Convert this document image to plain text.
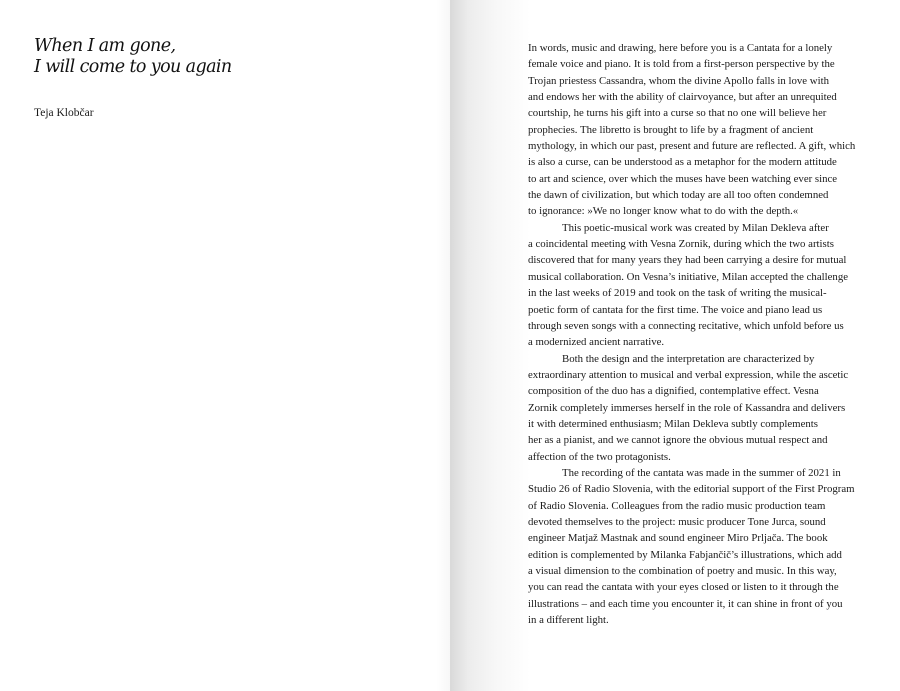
When I am gone,
I will come to you again

Teja Klobčar

In words, music and drawing, here before you is a Cantata for a lonely
female voice and piano. It is told from a first-person perspective by the
Trojan priestess Cassandra, whom the divine Apollo falls in love with
and endows her with the ability of clairvoyance, but after an unrequited
courtship, he turns his gift into a curse so that no one will believe her
prophecies. The libretto is brought to life by a fragment of ancient
mythology, in which our past, present and future are reflected. A gift, which
is also a curse, can be understood as a metaphor for the modern attitude
to art and science, over which the muses have been watching ever since
the dawn of civilization, but which today are all too often condemned
to ignorance: »We no longer know what to do with the depth.«
This poetic-musical work was created by Milan Dekleva after
a coincidental meeting with Vesna Zornik, during which the two artists
discovered that for many years they had been carrying a desire for mutual
musical collaboration. On Vesna’s initiative, Milan accepted the challenge
in the last weeks of 2019 and took on the task of writing the musical-
poetic form of cantata for the first time. The voice and piano lead us
through seven songs with a connecting recitative, which unfold before us
a modernized ancient narrative.
Both the design and the interpretation are characterized by
extraordinary attention to musical and verbal expression, while the ascetic
composition of the duo has a dignified, contemplative effect. Vesna
Zornik completely immerses herself in the role of Kassandra and delivers
it with determined enthusiasm; Milan Dekleva subtly complements
her as a pianist, and we cannot ignore the obvious mutual respect and
affection of the two protagonists.
The recording of the cantata was made in the summer of 2021 in
Studio 26 of Radio Slovenia, with the editorial support of the First Program
of Radio Slovenia. Colleagues from the radio music production team
devoted themselves to the project: music producer Tone Jurca, sound
engineer Matjaž Mastnak and sound engineer Miro Prljača. The book
edition is complemented by Milanka Fabjančič’s illustrations, which add
a visual dimension to the combination of poetry and music. In this way,
you can read the cantata with your eyes closed or listen to it through the
illustrations – and each time you encounter it, it can shine in front of you
in a different light.
